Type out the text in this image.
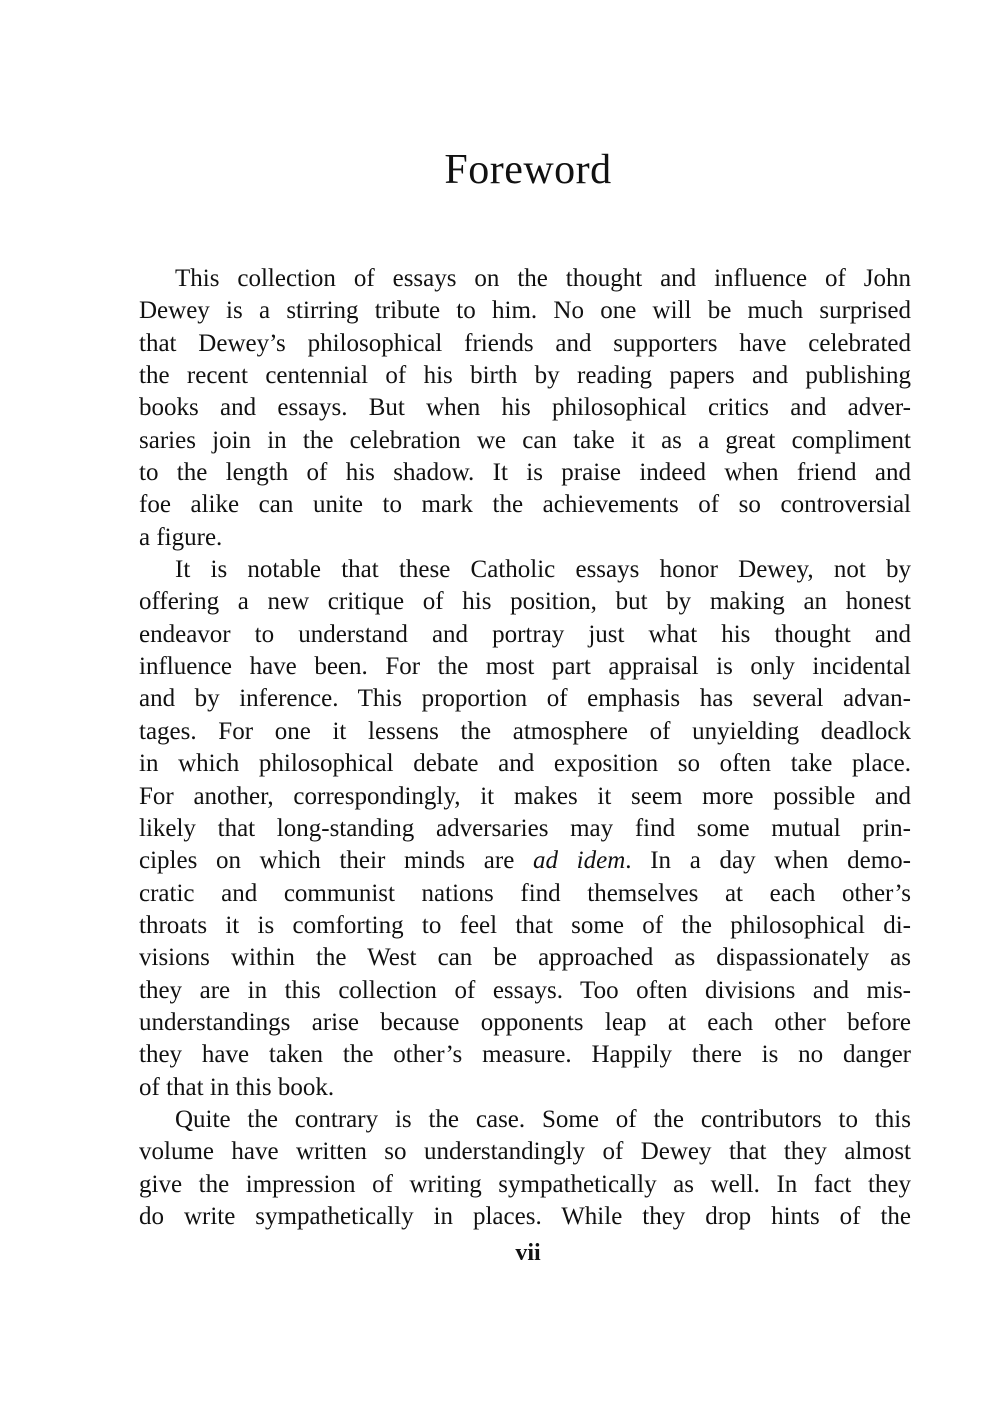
Foreword
This collection of essays on the thought and influence of John
Dewey is a stirring tribute to him. No one will be much surprised
that Dewey’s philosophical friends and supporters have celebrated
the recent centennial of his birth by reading papers and publishing
books and essays. But when his philosophical critics and adver-
saries join in the celebration we can take it as a great compliment
to the length of his shadow. It is praise indeed when friend and
foe alike can unite to mark the achievements of so controversial
a figure.
It is notable that these Catholic essays honor Dewey, not by
offering a new critique of his position, but by making an honest
endeavor to understand and portray just what his thought and
influence have been. For the most part appraisal is only incidental
and by inference. This proportion of emphasis has several advan-
tages. For one it lessens the atmosphere of unyielding deadlock
in which philosophical debate and exposition so often take place.
For another, correspondingly, it makes it seem more possible and
likely that long-standing adversaries may find some mutual prin-
ciples on which their minds are ad idem. In a day when demo-
cratic and communist nations find themselves at each other’s
throats it is comforting to feel that some of the philosophical di-
visions within the West can be approached as dispassionately as
they are in this collection of essays. Too often divisions and mis-
understandings arise because opponents leap at each other before
they have taken the other’s measure. Happily there is no danger
of that in this book.
Quite the contrary is the case. Some of the contributors to this
volume have written so understandingly of Dewey that they almost
give the impression of writing sympathetically as well. In fact they
do write sympathetically in places. While they drop hints of the
vii
